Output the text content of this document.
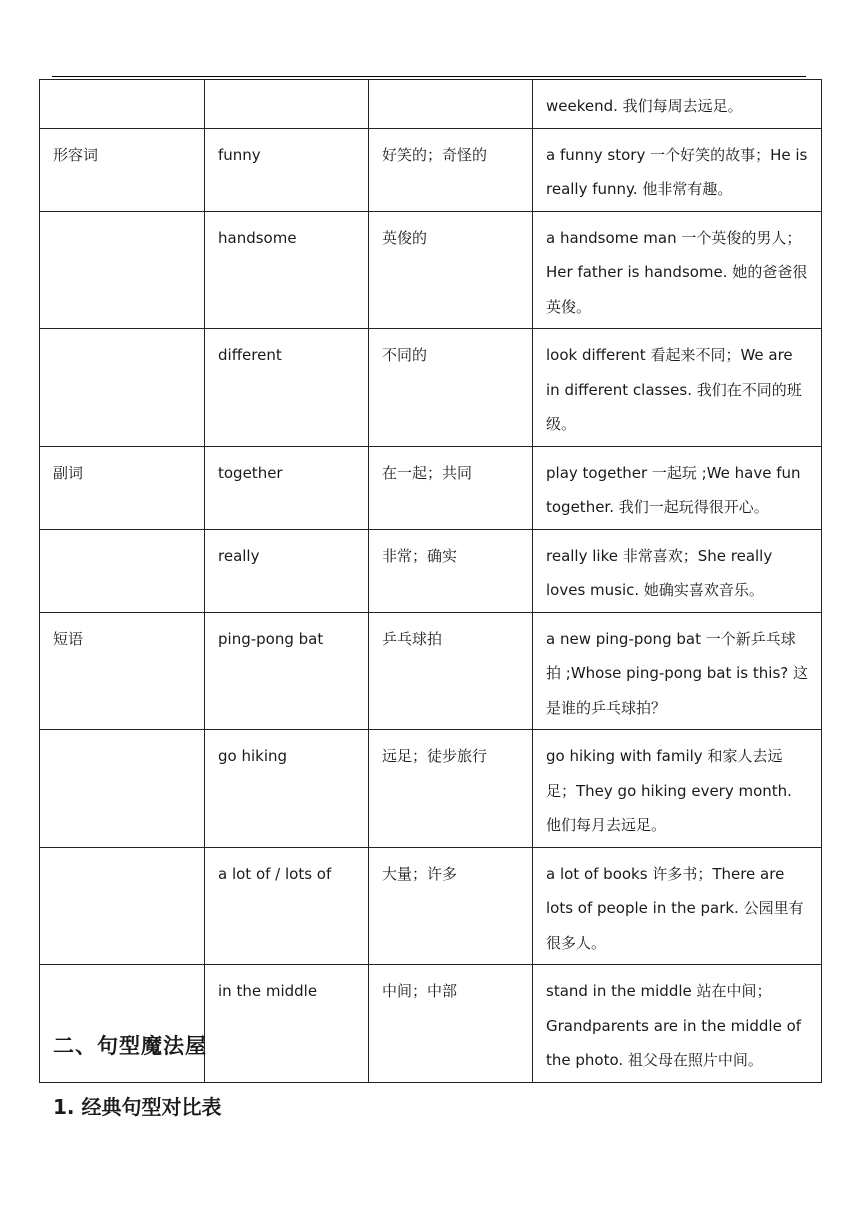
			weekend. 我们每周去远足。
形容词	funny	好笑的；奇怪的	a funny story 一个好笑的故事；He is really funny. 他非常有趣。
	handsome	英俊的	a handsome man 一个英俊的男人；Her father is handsome. 她的爸爸很英俊。
	different	不同的	look different 看起来不同；We are in different classes. 我们在不同的班级。
副词	together	在一起；共同	play together 一起玩 ;We have fun together. 我们一起玩得很开心。
	really	非常；确实	really like 非常喜欢；She really loves music. 她确实喜欢音乐。
短语	ping-pong bat	乒乓球拍	a new ping-pong bat 一个新乒乓球拍 ;Whose ping-pong bat is this? 这是谁的乒乓球拍？
	go hiking	远足；徒步旅行	go hiking with family 和家人去远足；They go hiking every month. 他们每月去远足。
	a lot of / lots of	大量；许多	a lot of books 许多书；There are lots of people in the park. 公园里有很多人。
	in the middle	中间；中部	stand in the middle 站在中间；Grandparents are in the middle of the photo. 祖父母在照片中间。
二、句型魔法屋
1. 经典句型对比表
